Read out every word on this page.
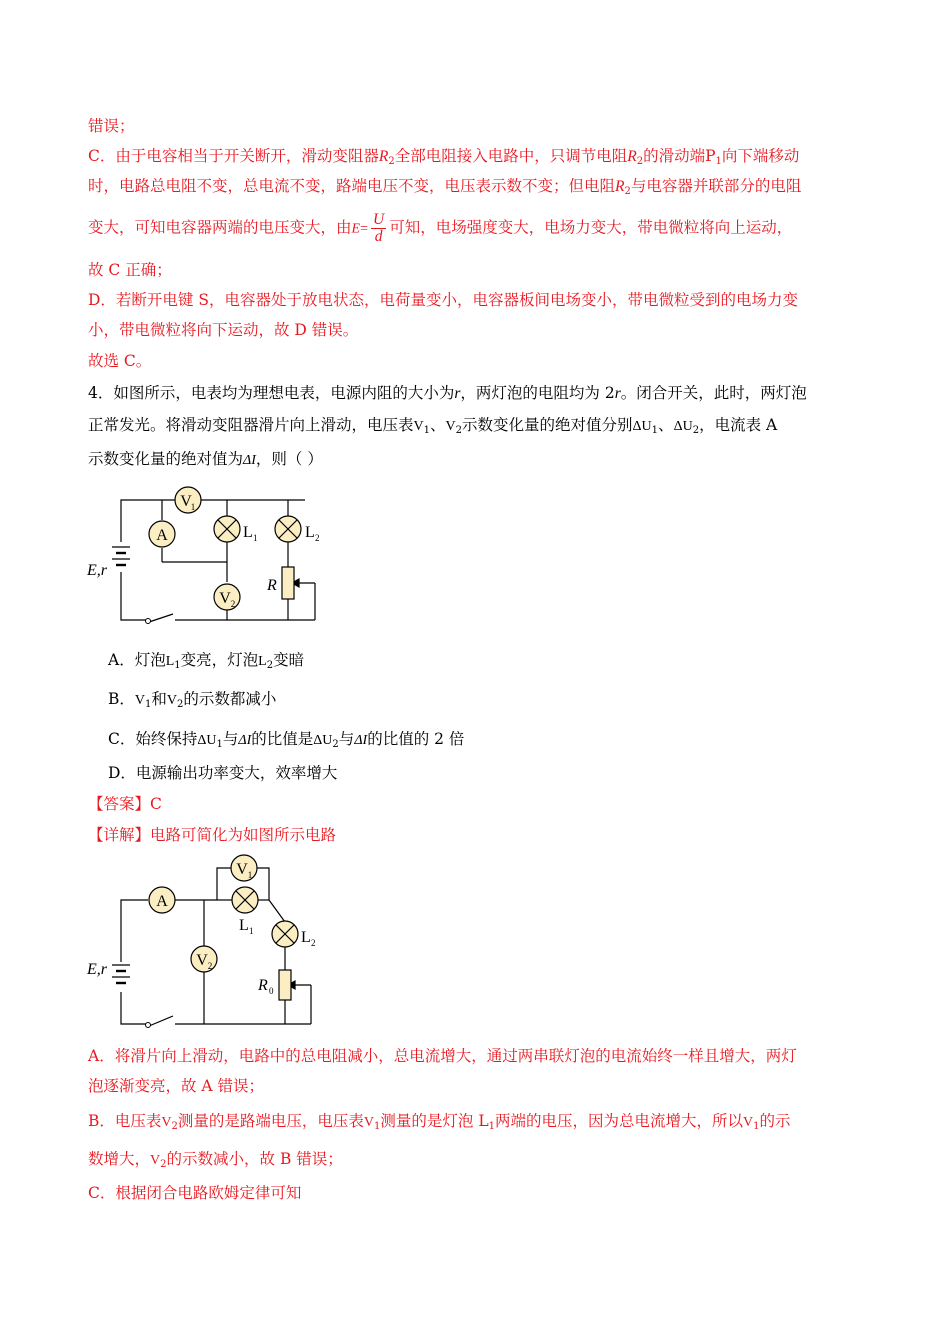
错误；
C．由于电容相当于开关断开，滑动变阻器$R_2$全部电阻接入电路中，只调节电阻$R_2$的滑动端$P_1$向下端移动
时，电路总电阻不变，总电流不变，路端电压不变，电压表示数不变；但电阻$R_2$与电容器并联部分的电阻
变大，可知电容器两端的电压变大，由$E= \frac{U}{d}$ 可知，电场强度变大，电场力变大，带电微粒将向上运动，
故 C 正确；
D．若断开电键 S，电容器处于放电状态，电荷量变小，电容器板间电场变小，带电微粒受到的电场力变
小，带电微粒将向下运动，故 D 错误。
故选 C。
4．如图所示，电表均为理想电表，电源内阻的大小为r，两灯泡的电阻均为 2r。闭合开关，此时，两灯泡
正常发光。将滑动变阻器滑片向上滑动，电压表$V_1$、$V_2$示数变化量的绝对值分别$\Delta U_1$、$\Delta U_2$，电流表 A
示数变化量的绝对值为ΔI，则（ ）
V
1
A
V 2
L 1	L 2
E,r
R
A．灯泡$L_1$变亮，灯泡$L_2$变暗
B．$V_1$和$V_2$的示数都减小
C．始终保持$\Delta U_1$与ΔI的比值是$\Delta U_2$与ΔI的比值的 2 倍
D．电源输出功率变大，效率增大
【答案】C
【详解】电路可简化为如图所示电路
A
V 1
V 2
L 1	L 2
E,r
R 0
A．将滑片向上滑动，电路中的总电阻减小，总电流增大，通过两串联灯泡的电流始终一样且增大，两灯
泡逐渐变亮，故 A 错误；
B．电压表$V_2$测量的是路端电压，电压表$V_1$测量的是灯泡 $L_1$两端的电压，因为总电流增大，所以$V_1$的示
数增大，$V_2$的示数减小，故 B 错误；
C．根据闭合电路欧姆定律可知
